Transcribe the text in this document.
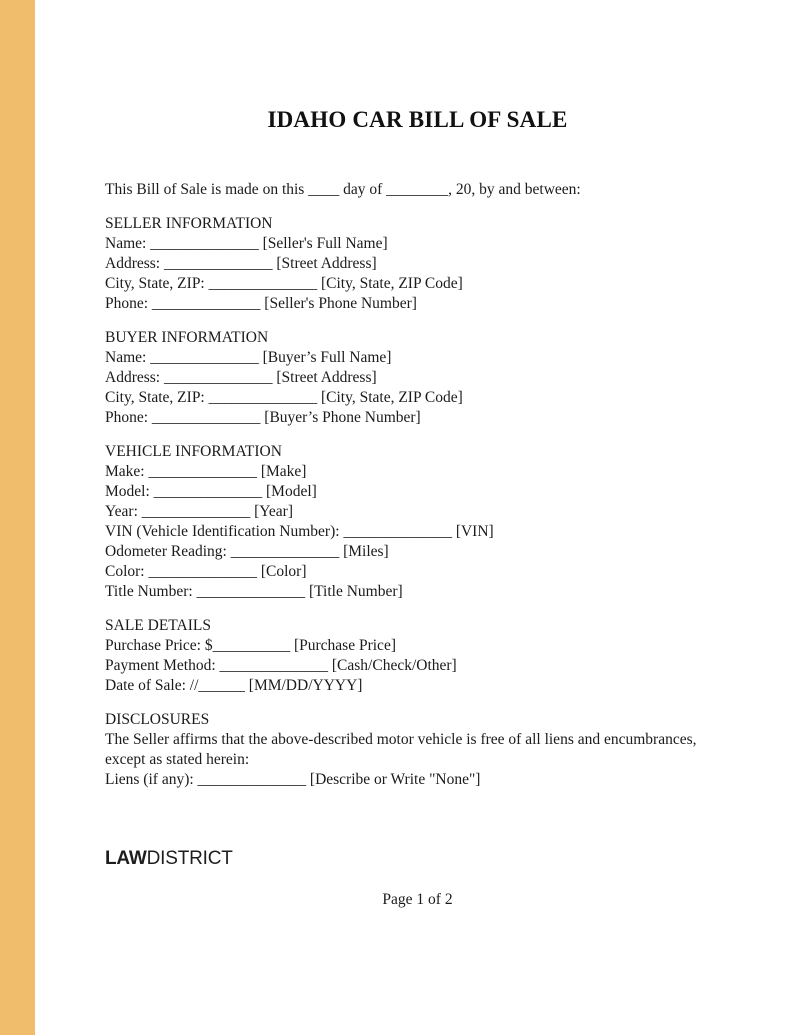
IDAHO CAR BILL OF SALE
This Bill of Sale is made on this ____ day of ________, 20, by and between:
SELLER INFORMATION
Name: ______________ [Seller's Full Name]
Address: ______________ [Street Address]
City, State, ZIP: ______________ [City, State, ZIP Code]
Phone: ______________ [Seller's Phone Number]
BUYER INFORMATION
Name: ______________ [Buyer’s Full Name]
Address: ______________ [Street Address]
City, State, ZIP: ______________ [City, State, ZIP Code]
Phone: ______________ [Buyer’s Phone Number]
VEHICLE INFORMATION
Make: ______________ [Make]
Model: ______________ [Model]
Year: ______________ [Year]
VIN (Vehicle Identification Number): ______________ [VIN]
Odometer Reading: ______________ [Miles]
Color: ______________ [Color]
Title Number: ______________ [Title Number]
SALE DETAILS
Purchase Price: $__________ [Purchase Price]
Payment Method: ______________ [Cash/Check/Other]
Date of Sale: //______ [MM/DD/YYYY]
DISCLOSURES
The Seller affirms that the above-described motor vehicle is free of all liens and encumbrances, except as stated herein:
Liens (if any): ______________ [Describe or Write "None"]
LAWDISTRICT
Page 1 of 2
